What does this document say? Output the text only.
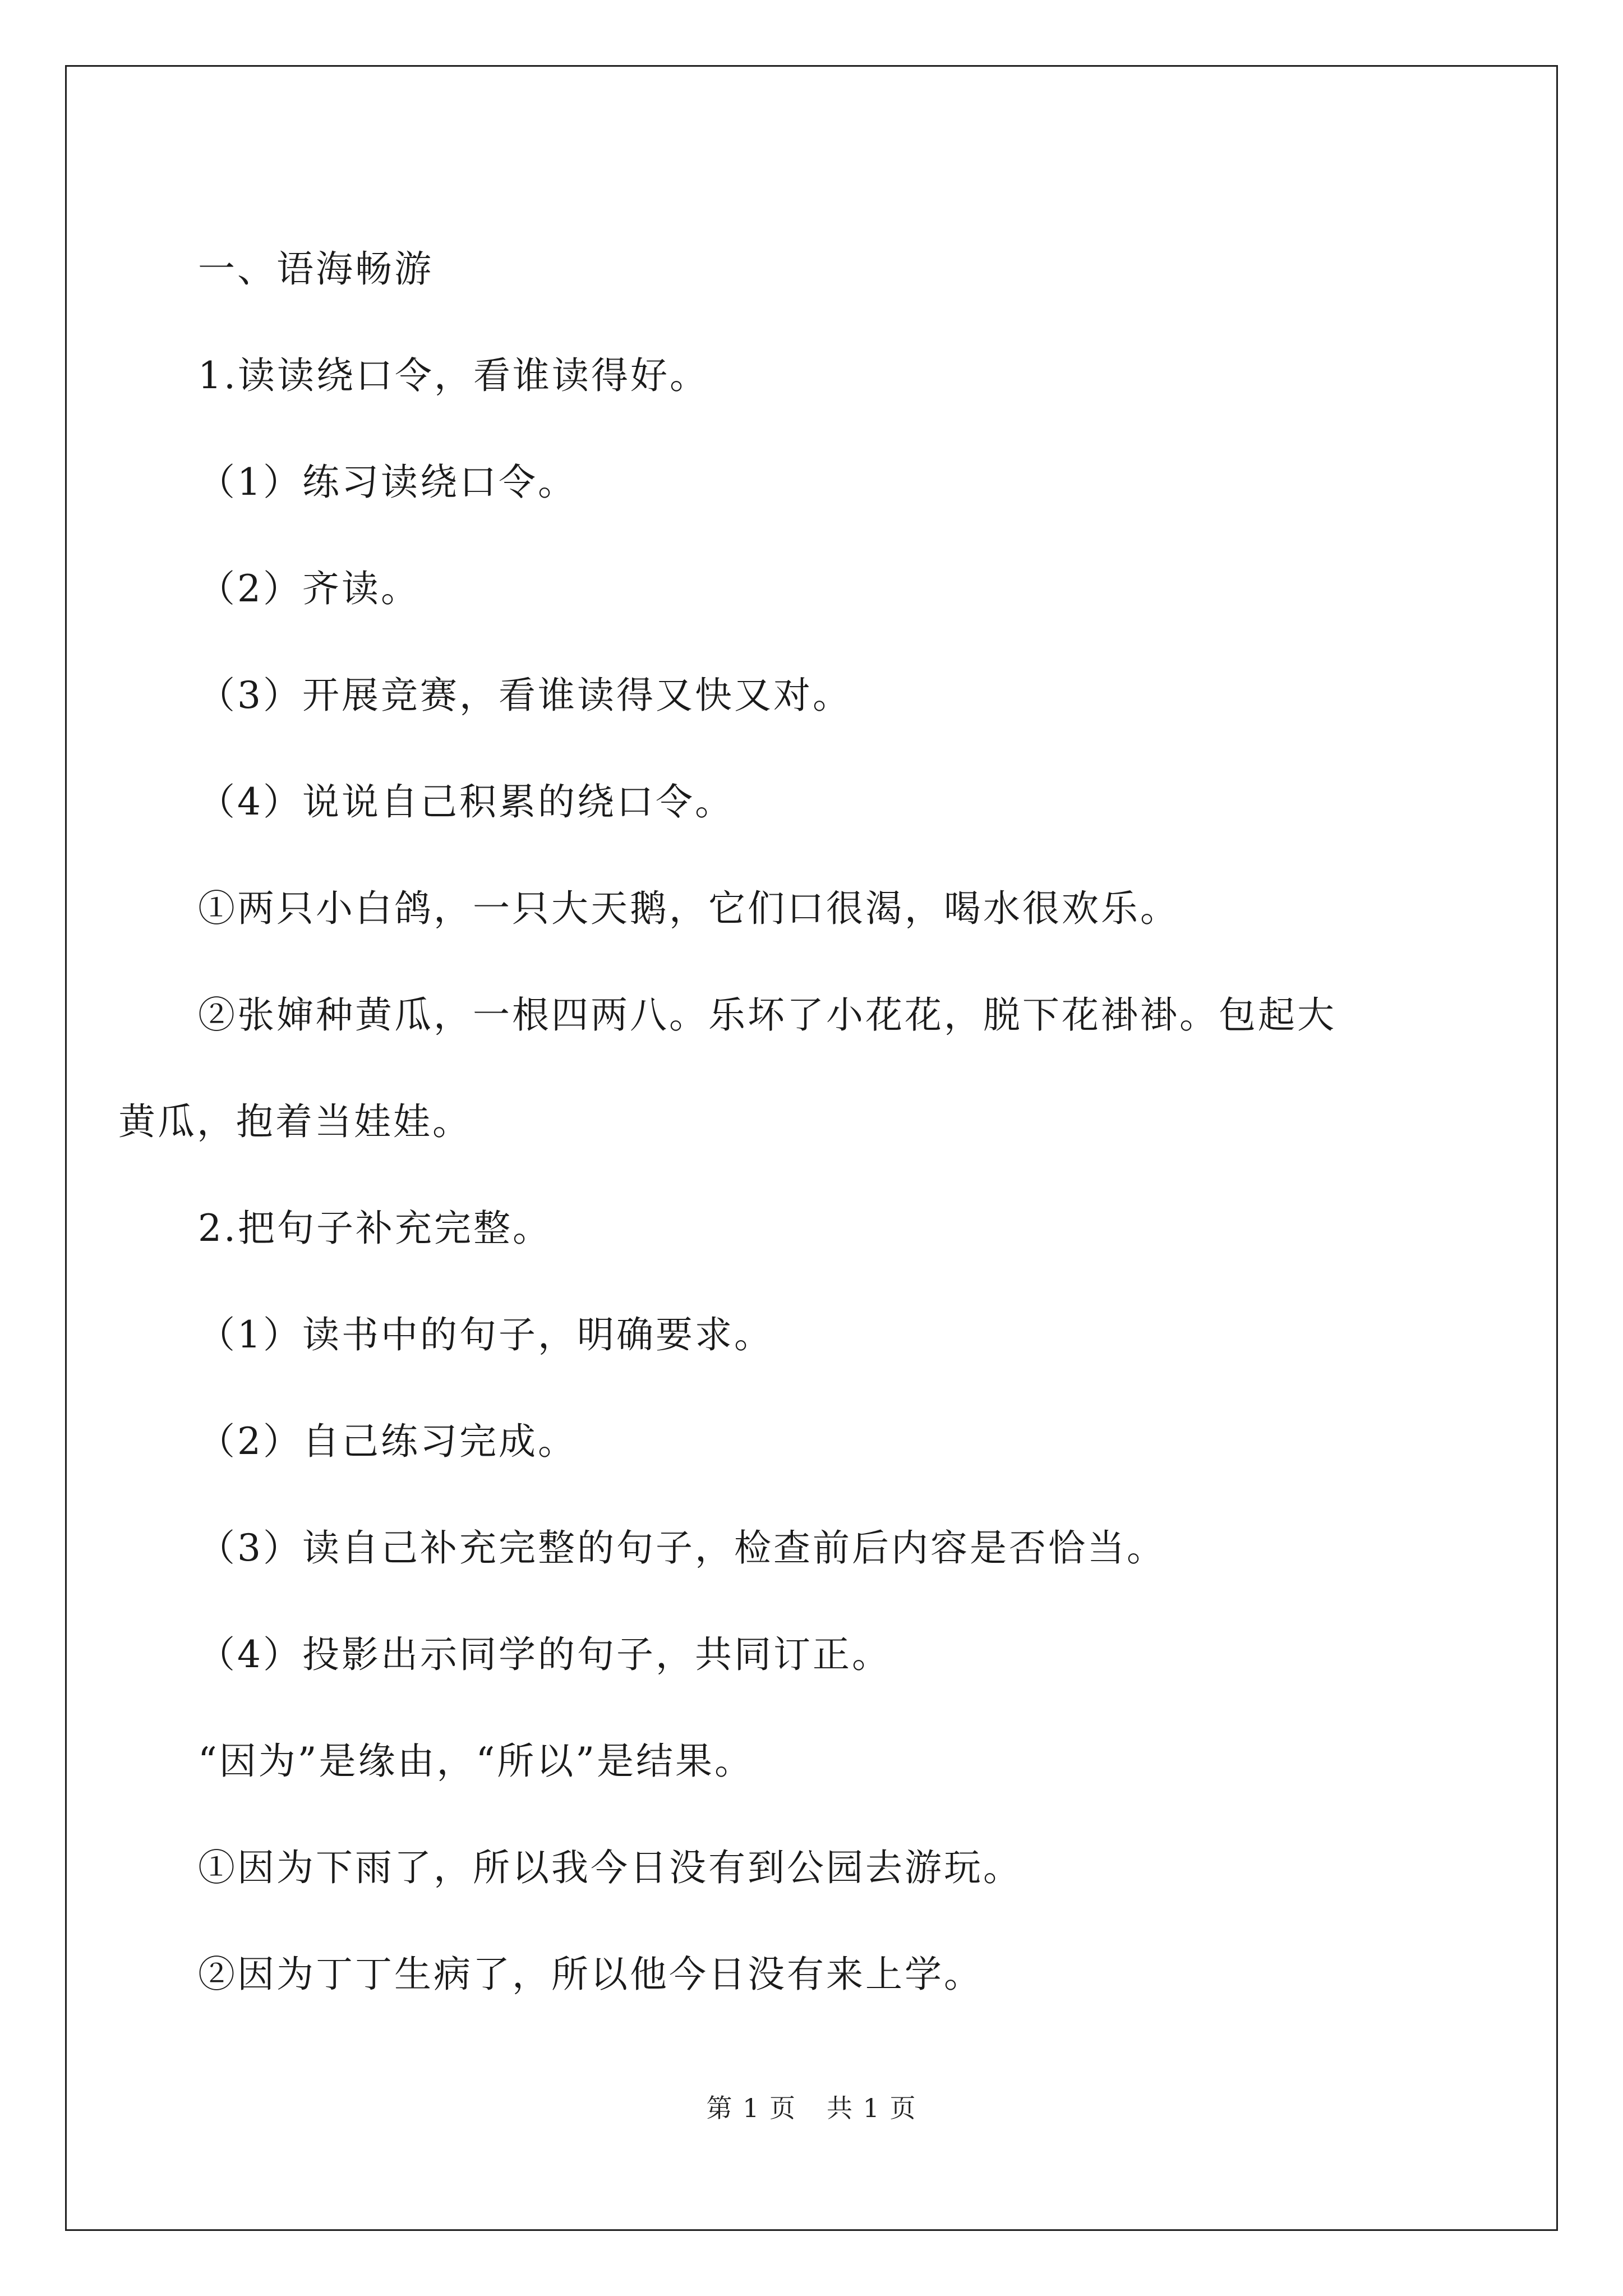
一、语海畅游

1.读读绕口令，看谁读得好。

（1）练习读绕口令。

（2）齐读。

（3）开展竞赛，看谁读得又快又对。

（4）说说自己积累的绕口令。

①两只小白鸽，一只大天鹅，它们口很渴，喝水很欢乐。

②张婶种黄瓜，一根四两八。乐坏了小花花，脱下花褂褂。包起大黄瓜，抱着当娃娃。

2.把句子补充完整。

（1）读书中的句子，明确要求。

（2）自己练习完成。

（3）读自己补充完整的句子，检查前后内容是否恰当。

（4）投影出示同学的句子，共同订正。

“因为”是缘由，“所以”是结果。

①因为下雨了，所以我今日没有到公园去游玩。

②因为丁丁生病了，所以他今日没有来上学。

第 1 页 共 1 页
